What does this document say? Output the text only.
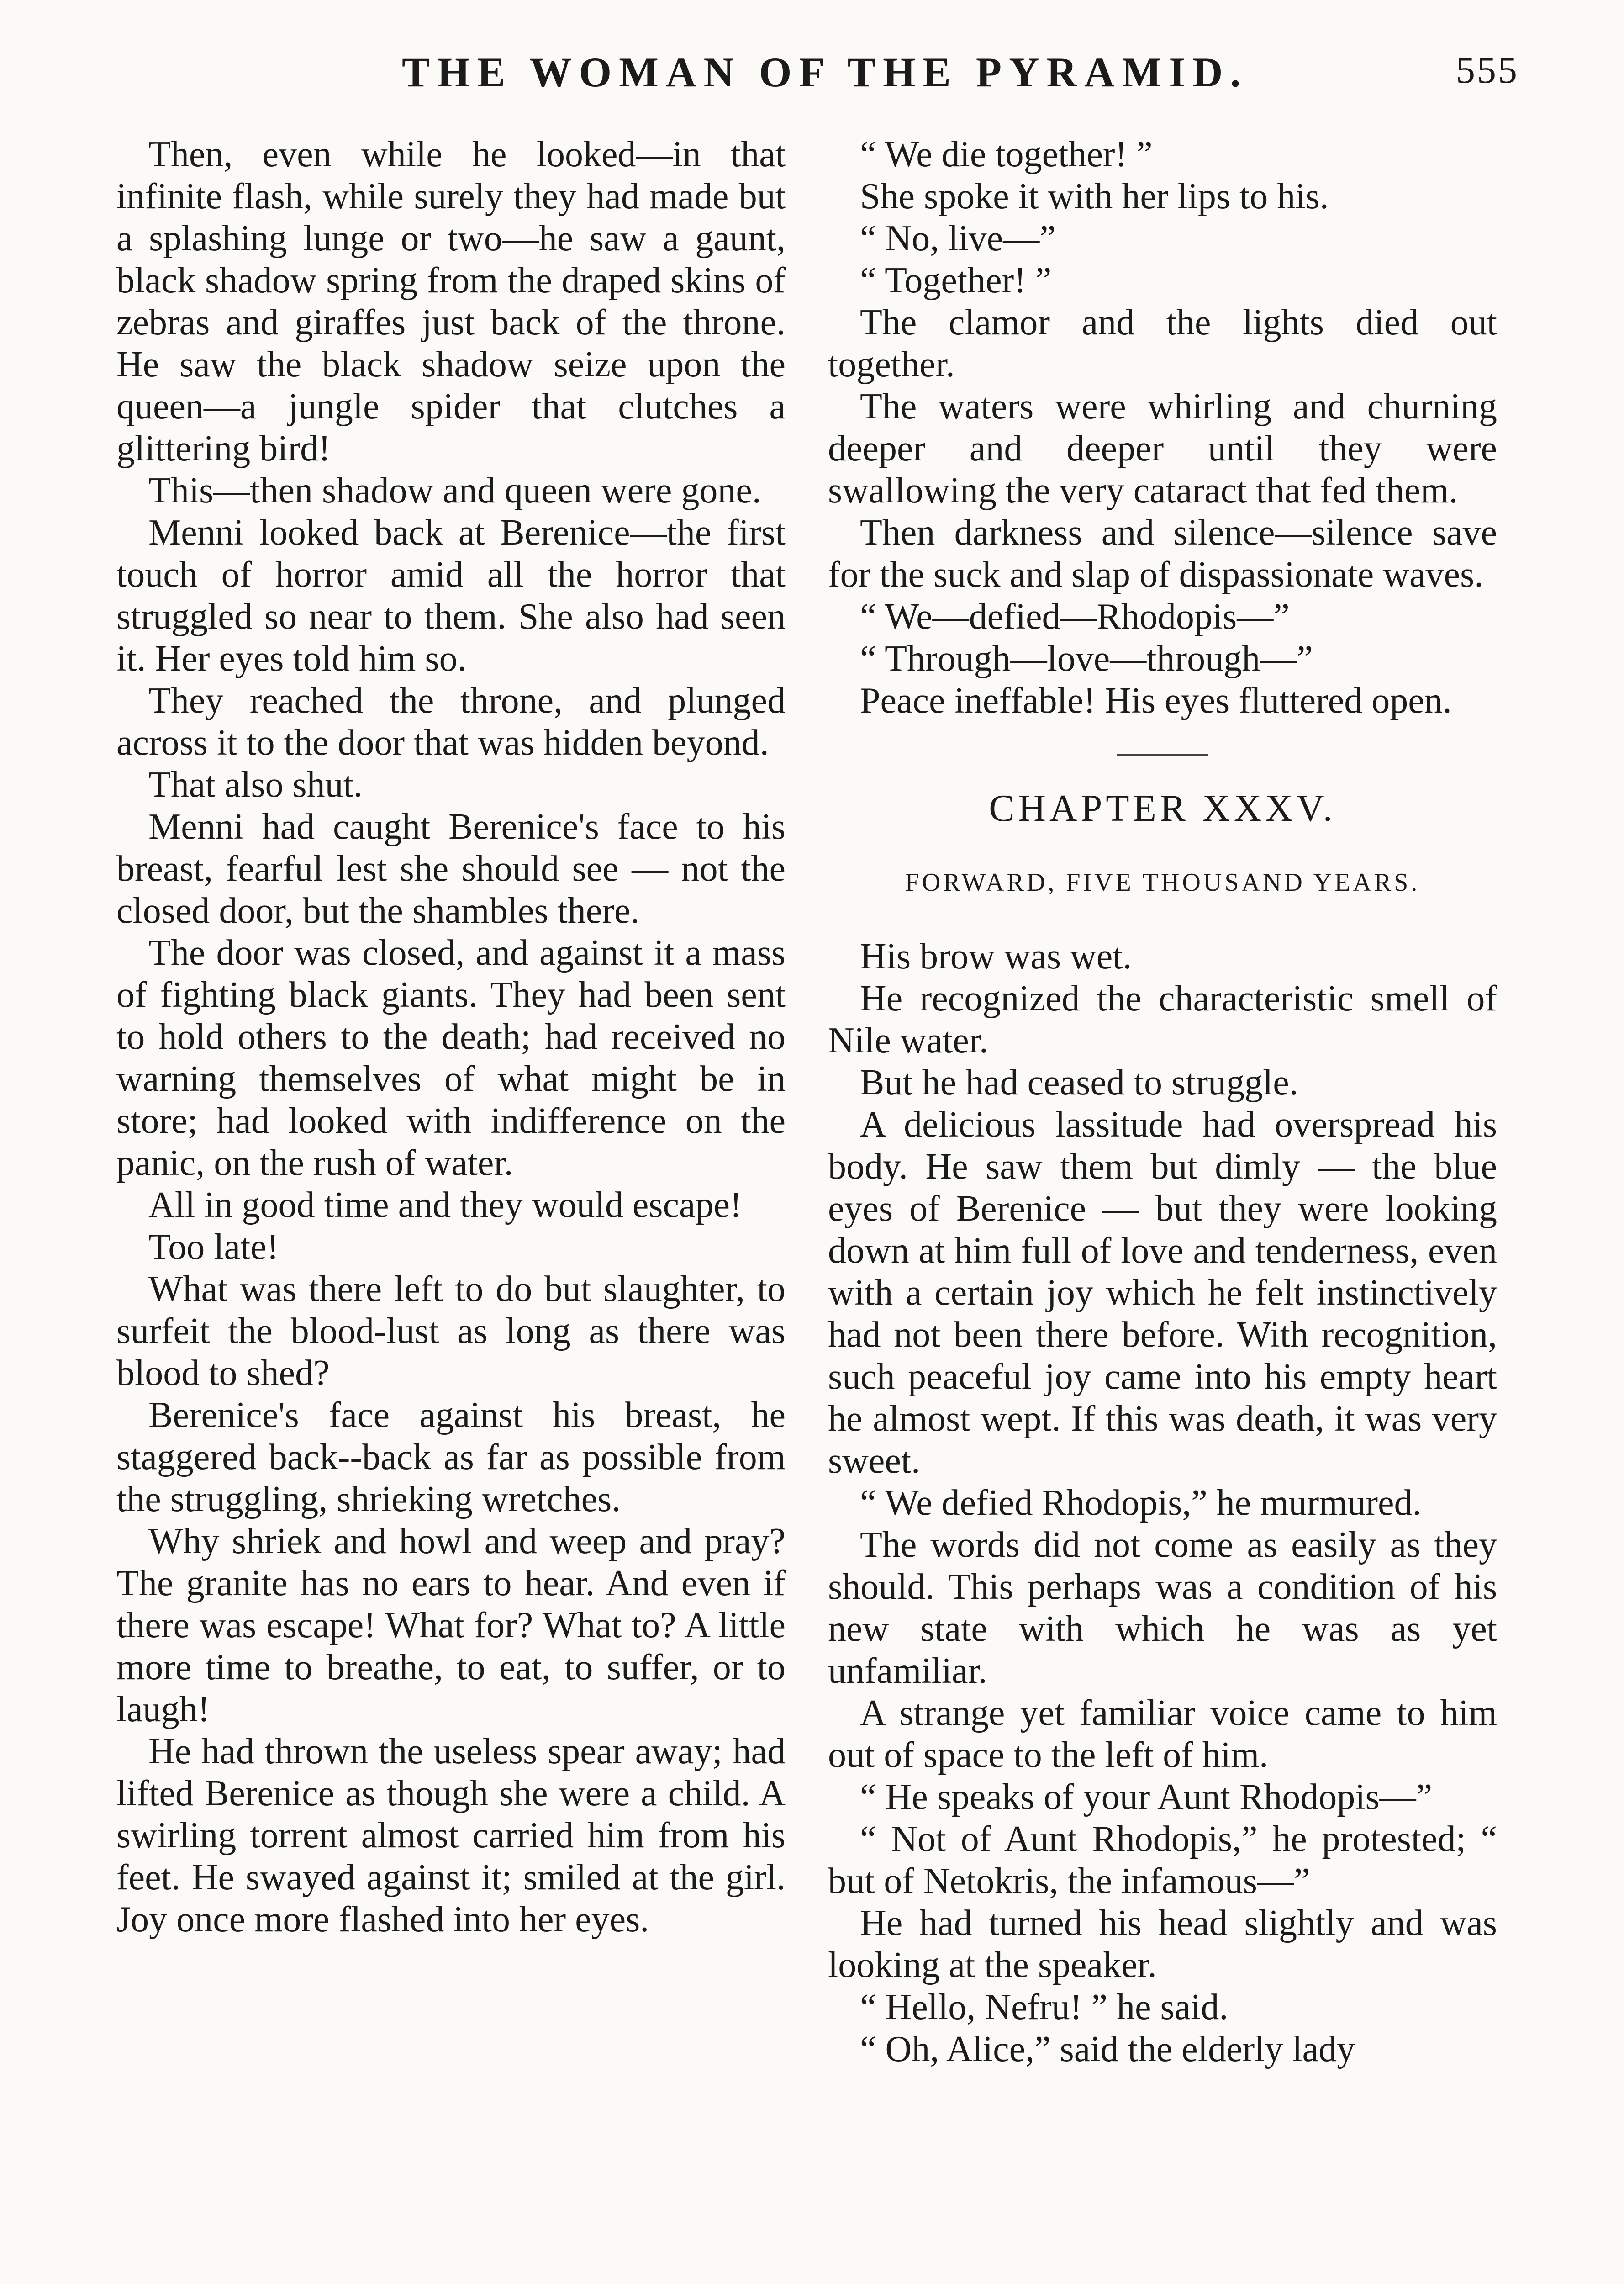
THE WOMAN OF THE PYRAMID.	555

Then, even while he looked—in that infinite flash, while surely they had made but a splashing lunge or two—he saw a gaunt, black shadow spring from the draped skins of zebras and giraffes just back of the throne. He saw the black shadow seize upon the queen—a jungle spider that clutches a glittering bird!

This—then shadow and queen were gone.

Menni looked back at Berenice—the first touch of horror amid all the horror that struggled so near to them. She also had seen it. Her eyes told him so.

They reached the throne, and plunged across it to the door that was hidden beyond.

That also shut.

Menni had caught Berenice's face to his breast, fearful lest she should see — not the closed door, but the shambles there.

The door was closed, and against it a mass of fighting black giants. They had been sent to hold others to the death; had received no warning themselves of what might be in store; had looked with indifference on the panic, on the rush of water.

All in good time and they would escape!

Too late!

What was there left to do but slaughter, to surfeit the blood-lust as long as there was blood to shed?

Berenice's face against his breast, he staggered back--back as far as possible from the struggling, shrieking wretches.

Why shriek and howl and weep and pray? The granite has no ears to hear. And even if there was escape! What for? What to? A little more time to breathe, to eat, to suffer, or to laugh!

He had thrown the useless spear away; had lifted Berenice as though she were a child. A swirling torrent almost carried him from his feet. He swayed against it; smiled at the girl. Joy once more flashed into her eyes.

“ We die together! ”

She spoke it with her lips to his.

“ No, live—”

“ Together! ”

The clamor and the lights died out together.

The waters were whirling and churning deeper and deeper until they were swallowing the very cataract that fed them.

Then darkness and silence—silence save for the suck and slap of dispassionate waves.

“ We—defied—Rhodopis—”

“ Through—love—through—”

Peace ineffable! His eyes fluttered open.

CHAPTER XXXV.
FORWARD, FIVE THOUSAND YEARS.

His brow was wet.

He recognized the characteristic smell of Nile water.

But he had ceased to struggle.

A delicious lassitude had overspread his body. He saw them but dimly — the blue eyes of Berenice — but they were looking down at him full of love and tenderness, even with a certain joy which he felt instinctively had not been there before. With recognition, such peaceful joy came into his empty heart he almost wept. If this was death, it was very sweet.

“ We defied Rhodopis,” he murmured.

The words did not come as easily as they should. This perhaps was a condition of his new state with which he was as yet unfamiliar.

A strange yet familiar voice came to him out of space to the left of him.

“ He speaks of your Aunt Rhodopis—”

“ Not of Aunt Rhodopis,” he protested; “ but of Netokris, the infamous—”

He had turned his head slightly and was looking at the speaker.

“ Hello, Nefru! ” he said.

“ Oh, Alice,” said the elderly lady
